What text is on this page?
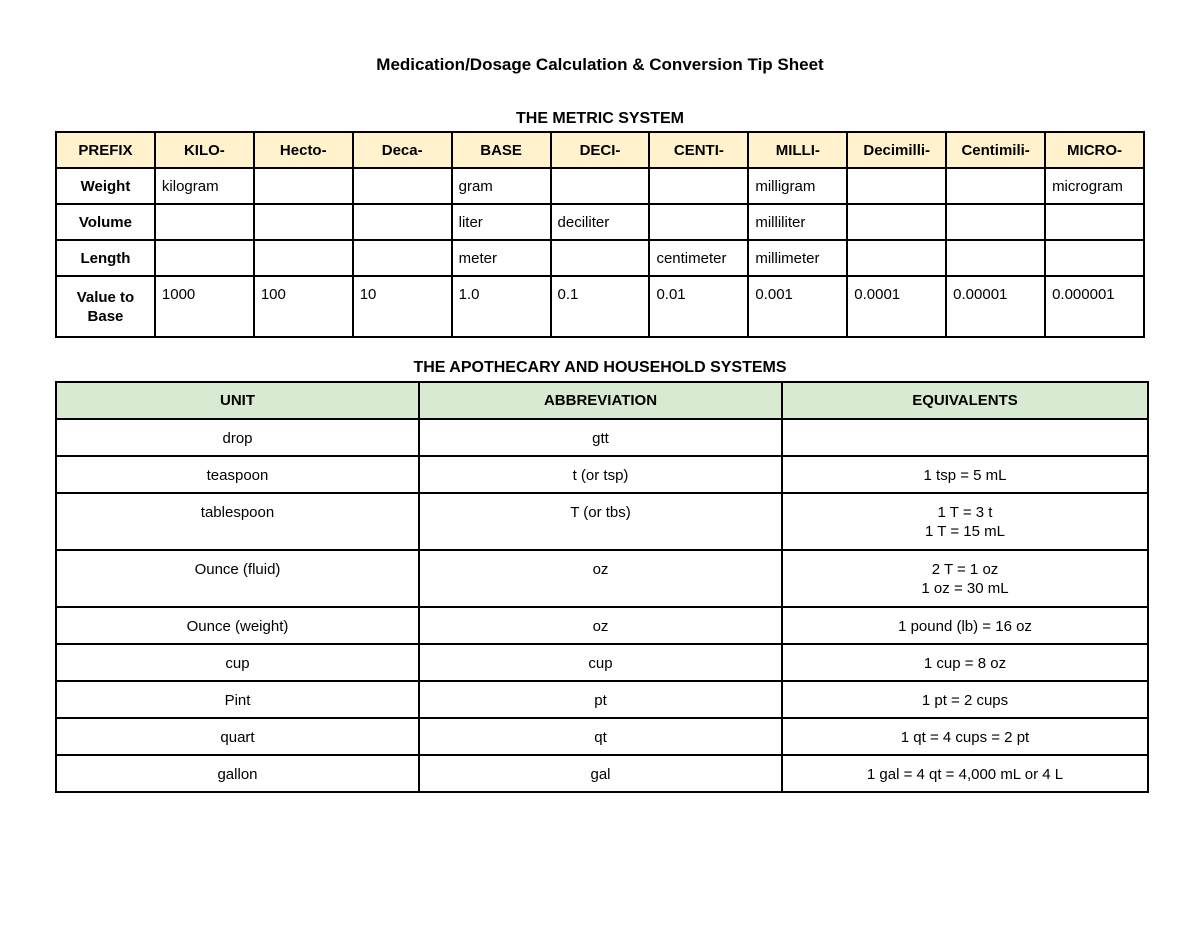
Medication/Dosage Calculation & Conversion Tip Sheet
THE METRIC SYSTEM
PREFIX	KILO-	Hecto-	Deca-	BASE	DECI-	CENTI-	MILLI-	Decimilli-	Centimili-	MICRO-
Weight	kilogram			gram			milligram			microgram
Volume				liter	deciliter		milliliter			
Length				meter		centimeter	millimeter			
Value to Base	1000	100	10	1.0	0.1	0.01	0.001	0.0001	0.00001	0.000001
THE APOTHECARY AND HOUSEHOLD SYSTEMS
UNIT	ABBREVIATION	EQUIVALENTS
drop	gtt	

teaspoon	t (or tsp)	1 tsp = 5 mL

tablespoon	T (or tbs)	1 T = 3 t
1 T = 15 mL

Ounce (fluid)	oz	2 T = 1 oz
1 oz = 30 mL

Ounce (weight)	oz	1 pound (lb) = 16 oz

cup	cup	1 cup = 8 oz

Pint	pt	1 pt = 2 cups

quart	qt	1 qt = 4 cups = 2 pt

gallon	gal	1 gal = 4 qt = 4,000 mL or 4 L
